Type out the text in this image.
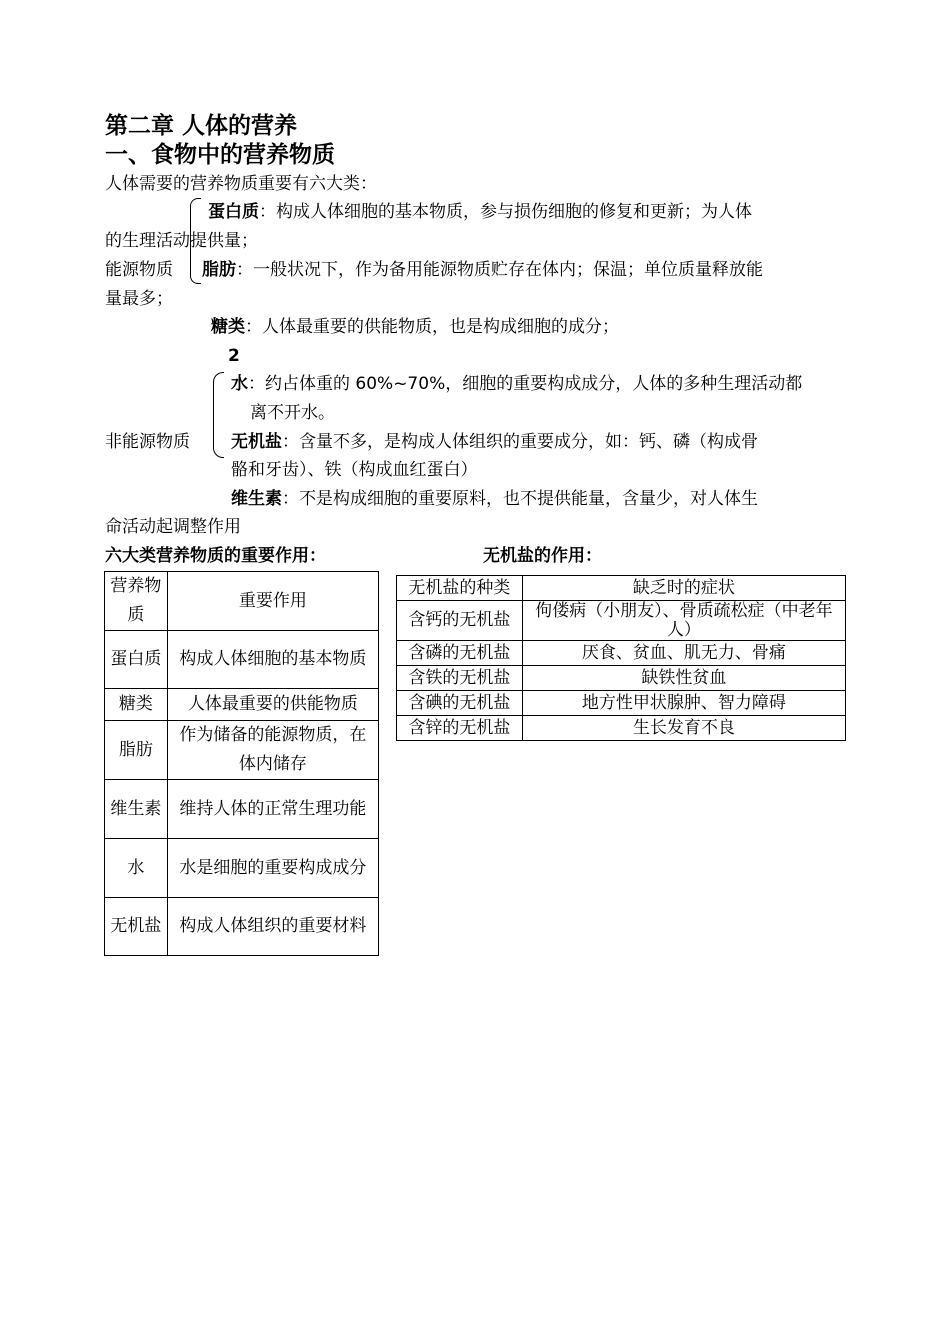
第二章 人体的营养
一、食物中的营养物质
人体需要的营养物质重要有六大类：
蛋白质：构成人体细胞的基本物质，参与损伤细胞的修复和更新；为人体
的生理活动提供量；
能源物质 脂肪：一般状况下，作为备用能源物质贮存在体内；保温；单位质量释放能
量最多；
糖类：人体最重要的供能物质，也是构成细胞的成分；
2
水：约占体重的 60%~70%，细胞的重要构成成分，人体的多种生理活动都
离不开水。
非能源物质 无机盐：含量不多，是构成人体组织的重要成分，如：钙、磷（构成骨
骼和牙齿）、铁（构成血红蛋白）
维生素：不是构成细胞的重要原料，也不提供能量，含量少，对人体生
命活动起调整作用
六大类营养物质的重要作用：	无机盐的作用：
营养物质	重要作用
蛋白质	构成人体细胞的基本物质
糖类	人体最重要的供能物质
脂肪	作为储备的能源物质，在体内储存
维生素	维持人体的正常生理功能
水	水是细胞的重要构成成分
无机盐	构成人体组织的重要材料
无机盐的种类	缺乏时的症状
含钙的无机盐	佝偻病（小朋友）、骨质疏松症（中老年人）
含磷的无机盐	厌食、贫血、肌无力、骨痛
含铁的无机盐	缺铁性贫血
含碘的无机盐	地方性甲状腺肿、智力障碍
含锌的无机盐	生长发育不良
